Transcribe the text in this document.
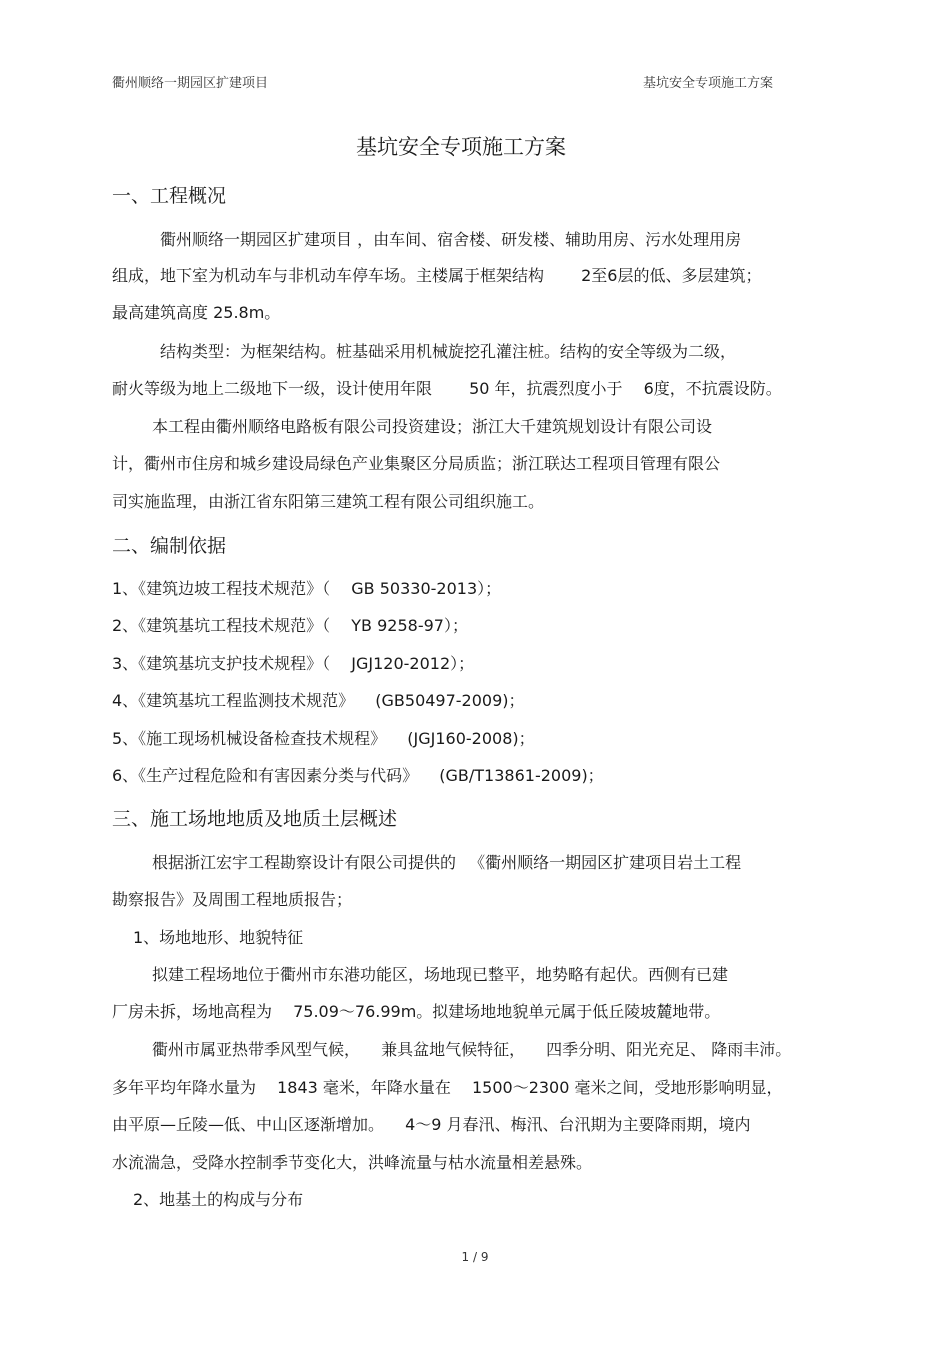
衢州顺络一期园区扩建项目	基坑安全专项施工方案
基坑安全专项施工方案
一、工程概况
衢州顺络一期园区扩建项目 ，由车间、宿舍楼、研发楼、辅助用房、污水处理用房
组成，地下室为机动车与非机动车停车场。主楼属于框架结构 　　2至6层的低、多层建筑；
最高建筑高度 25.8m。
结构类型：为框架结构。桩基础采用机械旋挖孔灌注桩。结构的安全等级为二级，
耐火等级为地上二级地下一级，设计使用年限 　　50 年，抗震烈度小于 　6度，不抗震设防。
本工程由衢州顺络电路板有限公司投资建设；浙江大千建筑规划设计有限公司设
计，衢州市住房和城乡建设局绿色产业集聚区分局质监；浙江联达工程项目管理有限公
司实施监理，由浙江省东阳第三建筑工程有限公司组织施工。
二、编制依据
1、《建筑边坡工程技术规范》（ 　GB 50330-2013）；
2、《建筑基坑工程技术规范》（ 　YB 9258-97）；
3、《建筑基坑支护技术规程》（ 　JGJ120-2012）；
4、《建筑基坑工程监测技术规范》 　(GB50497-2009)；
5、《施工现场机械设备检查技术规程》 　(JGJ160-2008)；
6、《生产过程危险和有害因素分类与代码》 　(GB/T13861-2009)；
三、施工场地地质及地质土层概述
根据浙江宏宇工程勘察设计有限公司提供的 　《衢州顺络一期园区扩建项目岩土工程
勘察报告》及周围工程地质报告；
1、场地地形、地貌特征
拟建工程场地位于衢州市东港功能区，场地现已整平，地势略有起伏。西侧有已建
厂房未拆，场地高程为 　75.09～76.99m。拟建场地地貌单元属于低丘陵坡麓地带。
衢州市属亚热带季风型气候， 　兼具盆地气候特征， 　四季分明、阳光充足、 降雨丰沛。
多年平均年降水量为 　1843 毫米，年降水量在 　1500～2300 毫米之间，受地形影响明显，
由平原—丘陵—低、中山区逐渐增加。 　4～9 月春汛、梅汛、台汛期为主要降雨期，境内
水流湍急，受降水控制季节变化大，洪峰流量与枯水流量相差悬殊。
2、地基土的构成与分布
1 / 9
